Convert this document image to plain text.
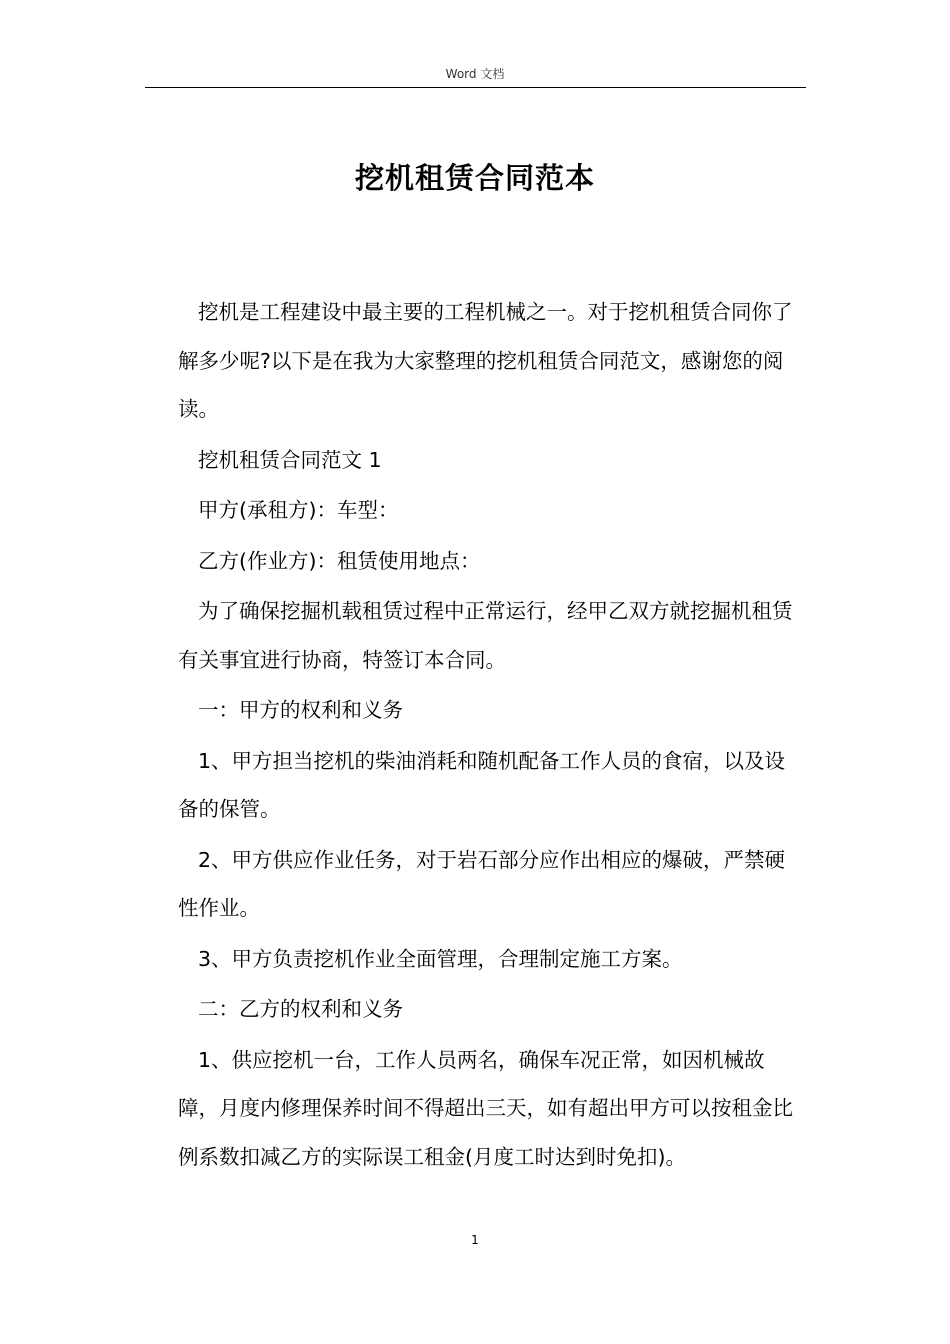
Word 文档
挖机租赁合同范本

挖机是工程建设中最主要的工程机械之一。对于挖机租赁合同你了解多少呢?以下是在我为大家整理的挖机租赁合同范文，感谢您的阅读。

挖机租赁合同范文 1

甲方(承租方)：车型：

乙方(作业方)：租赁使用地点：

为了确保挖掘机载租赁过程中正常运行，经甲乙双方就挖掘机租赁有关事宜进行协商，特签订本合同。

一：甲方的权利和义务

1、甲方担当挖机的柴油消耗和随机配备工作人员的食宿，以及设备的保管。

2、甲方供应作业任务，对于岩石部分应作出相应的爆破，严禁硬性作业。

3、甲方负责挖机作业全面管理，合理制定施工方案。

二：乙方的权利和义务

1、供应挖机一台，工作人员两名，确保车况正常，如因机械故障，月度内修理保养时间不得超出三天，如有超出甲方可以按租金比例系数扣减乙方的实际误工租金(月度工时达到时免扣)。

1
